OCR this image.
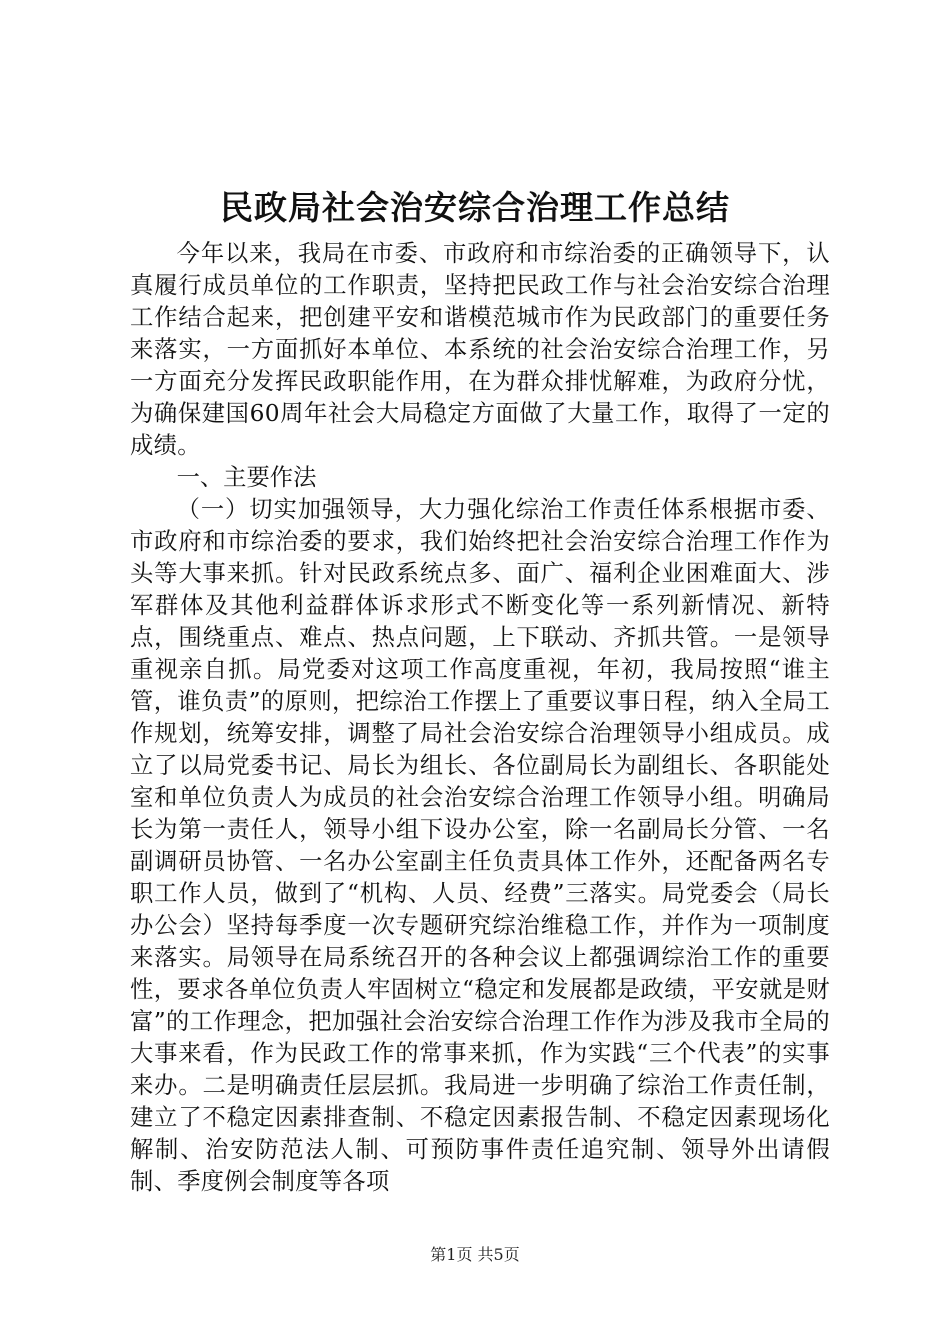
民政局社会治安综合治理工作总结

今年以来，我局在市委、市政府和市综治委的正确领导下，认真履行成员单位的工作职责，坚持把民政工作与社会治安综合治理工作结合起来，把创建平安和谐模范城市作为民政部门的重要任务来落实，一方面抓好本单位、本系统的社会治安综合治理工作，另一方面充分发挥民政职能作用，在为群众排忧解难，为政府分忧，为确保建国60周年社会大局稳定方面做了大量工作，取得了一定的成绩。

一、主要作法

（一）切实加强领导，大力强化综治工作责任体系根据市委、市政府和市综治委的要求，我们始终把社会治安综合治理工作作为头等大事来抓。针对民政系统点多、面广、福利企业困难面大、涉军群体及其他利益群体诉求形式不断变化等一系列新情况、新特点，围绕重点、难点、热点问题，上下联动、齐抓共管。一是领导重视亲自抓。局党委对这项工作高度重视，年初，我局按照“谁主管，谁负责”的原则，把综治工作摆上了重要议事日程，纳入全局工作规划，统筹安排，调整了局社会治安综合治理领导小组成员。成立了以局党委书记、局长为组长、各位副局长为副组长、各职能处室和单位负责人为成员的社会治安综合治理工作领导小组。明确局长为第一责任人，领导小组下设办公室，除一名副局长分管、一名副调研员协管、一名办公室副主任负责具体工作外，还配备两名专职工作人员，做到了“机构、人员、经费”三落实。局党委会（局长办公会）坚持每季度一次专题研究综治维稳工作，并作为一项制度来落实。局领导在局系统召开的各种会议上都强调综治工作的重要性，要求各单位负责人牢固树立“稳定和发展都是政绩，平安就是财富”的工作理念，把加强社会治安综合治理工作作为涉及我市全局的大事来看，作为民政工作的常事来抓，作为实践“三个代表”的实事来办。二是明确责任层层抓。我局进一步明确了综治工作责任制，建立了不稳定因素排查制、不稳定因素报告制、不稳定因素现场化解制、治安防范法人制、可预防事件责任追究制、领导外出请假制、季度例会制度等各项

第1页 共5页
